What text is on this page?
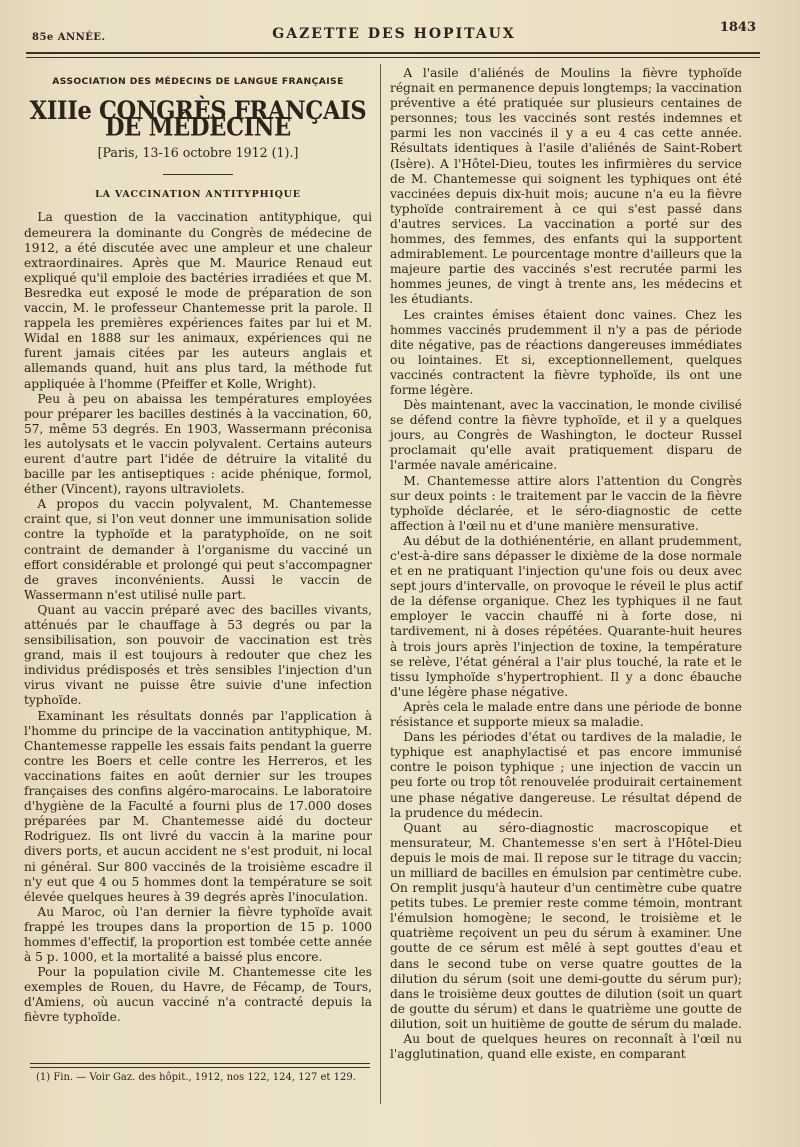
85e ANNÉE.	GAZETTE DES HOPITAUX	1843
ASSOCIATION DES MÉDECINS DE LANGUE FRANÇAISE
XIIIe CONGRÈS FRANÇAIS DE MÉDECINE
[Paris, 13-16 octobre 1912 (1).]
LA VACCINATION ANTITYPHIQUE

La question de la vaccination antityphique, qui demeurera la dominante du Congrès de médecine de 1912, a été discutée avec une ampleur et une chaleur extraordinaires. Après que M. Maurice Renaud eut expliqué qu'il emploie des bactéries irradiées et que M. Besredka eut exposé le mode de préparation de son vaccin, M. le professeur Chantemesse prit la parole. Il rappela les premières expériences faites par lui et M. Widal en 1888 sur les animaux, expériences qui ne furent jamais citées par les auteurs anglais et allemands quand, huit ans plus tard, la méthode fut appliquée à l'homme (Pfeiffer et Kolle, Wright).

Peu à peu on abaissa les températures employées pour préparer les bacilles destinés à la vaccination, 60, 57, même 53 degrés. En 1903, Wassermann préconisa les autolysats et le vaccin polyvalent. Certains auteurs eurent d'autre part l'idée de détruire la vitalité du bacille par les antiseptiques : acide phénique, formol, éther (Vincent), rayons ultraviolets.

A propos du vaccin polyvalent, M. Chantemesse craint que, si l'on veut donner une immunisation solide contre la typhoïde et la paratyphoïde, on ne soit contraint de demander à l'organisme du vacciné un effort considérable et prolongé qui peut s'accompagner de graves inconvénients. Aussi le vaccin de Wassermann n'est utilisé nulle part.

Quant au vaccin préparé avec des bacilles vivants, atténués par le chauffage à 53 degrés ou par la sensibilisation, son pouvoir de vaccination est très grand, mais il est toujours à redouter que chez les individus prédisposés et très sensibles l'injection d'un virus vivant ne puisse être suivie d'une infection typhoïde.

Examinant les résultats donnés par l'application à l'homme du principe de la vaccination antityphique, M. Chantemesse rappelle les essais faits pendant la guerre contre les Boers et celle contre les Herreros, et les vaccinations faites en août dernier sur les troupes françaises des confins algéro-marocains. Le laboratoire d'hygiène de la Faculté a fourni plus de 17.000 doses préparées par M. Chantemesse aidé du docteur Rodriguez. Ils ont livré du vaccin à la marine pour divers ports, et aucun accident ne s'est produit, ni local ni général. Sur 800 vaccinés de la troisième escadre il n'y eut que 4 ou 5 hommes dont la température se soit élevée quelques heures à 39 degrés après l'inoculation.

Au Maroc, où l'an dernier la fièvre typhoïde avait frappé les troupes dans la proportion de 15 p. 1000 hommes d'effectif, la proportion est tombée cette année à 5 p. 1000, et la mortalité a baissé plus encore.

Pour la population civile M. Chantemesse cite les exemples de Rouen, du Havre, de Fécamp, de Tours, d'Amiens, où aucun vacciné n'a contracté depuis la fièvre typhoïde.

A l'asile d'aliénés de Moulins la fièvre typhoïde régnait en permanence depuis longtemps; la vaccination préventive a été pratiquée sur plusieurs centaines de personnes; tous les vaccinés sont restés indemnes et parmi les non vaccinés il y a eu 4 cas cette année. Résultats identiques à l'asile d'aliénés de Saint-Robert (Isère). A l'Hôtel-Dieu, toutes les infirmières du service de M. Chantemesse qui soignent les typhiques ont été vaccinées depuis dix-huit mois; aucune n'a eu la fièvre typhoïde contrairement à ce qui s'est passé dans d'autres services. La vaccination a porté sur des hommes, des femmes, des enfants qui la supportent admirablement. Le pourcentage montre d'ailleurs que la majeure partie des vaccinés s'est recrutée parmi les hommes jeunes, de vingt à trente ans, les médecins et les étudiants.

Les craintes émises étaient donc vaines. Chez les hommes vaccinés prudemment il n'y a pas de période dite négative, pas de réactions dangereuses immédiates ou lointaines. Et si, exceptionnellement, quelques vaccinés contractent la fièvre typhoïde, ils ont une forme légère.

Dès maintenant, avec la vaccination, le monde civilisé se défend contre la fièvre typhoïde, et il y a quelques jours, au Congrès de Washington, le docteur Russel proclamait qu'elle avait pratiquement disparu de l'armée navale américaine.

M. Chantemesse attire alors l'attention du Congrès sur deux points : le traitement par le vaccin de la fièvre typhoïde déclarée, et le séro-diagnostic de cette affection à l'œil nu et d'une manière mensurative.

Au début de la dothiénentérie, en allant prudemment, c'est-à-dire sans dépasser le dixième de la dose normale et en ne pratiquant l'injection qu'une fois ou deux avec sept jours d'intervalle, on provoque le réveil le plus actif de la défense organique. Chez les typhiques il ne faut employer le vaccin chauffé ni à forte dose, ni tardivement, ni à doses répétées. Quarante-huit heures à trois jours après l'injection de toxine, la température se relève, l'état général a l'air plus touché, la rate et le tissu lymphoïde s'hypertrophient. Il y a donc ébauche d'une légère phase négative.

Après cela le malade entre dans une période de bonne résistance et supporte mieux sa maladie.

Dans les périodes d'état ou tardives de la maladie, le typhique est anaphylactisé et pas encore immunisé contre le poison typhique ; une injection de vaccin un peu forte ou trop tôt renouvelée produirait certainement une phase négative dangereuse. Le résultat dépend de la prudence du médecin.

Quant au séro-diagnostic macroscopique et mensurateur, M. Chantemesse s'en sert à l'Hôtel-Dieu depuis le mois de mai. Il repose sur le titrage du vaccin; un milliard de bacilles en émulsion par centimètre cube. On remplit jusqu'à hauteur d'un centimètre cube quatre petits tubes. Le premier reste comme témoin, montrant l'émulsion homogène; le second, le troisième et le quatrième reçoivent un peu du sérum à examiner. Une goutte de ce sérum est mêlé à sept gouttes d'eau et dans le second tube on verse quatre gouttes de la dilution du sérum (soit une demi-goutte du sérum pur); dans le troisième deux gouttes de dilution (soit un quart de goutte du sérum) et dans le quatrième une goutte de dilution, soit un huitième de goutte de sérum du malade.

Au bout de quelques heures on reconnaît à l'œil nu l'agglutination, quand elle existe, en comparant

(1) Fin. — Voir Gaz. des hôpit., 1912, nos 122, 124, 127 et 129.
